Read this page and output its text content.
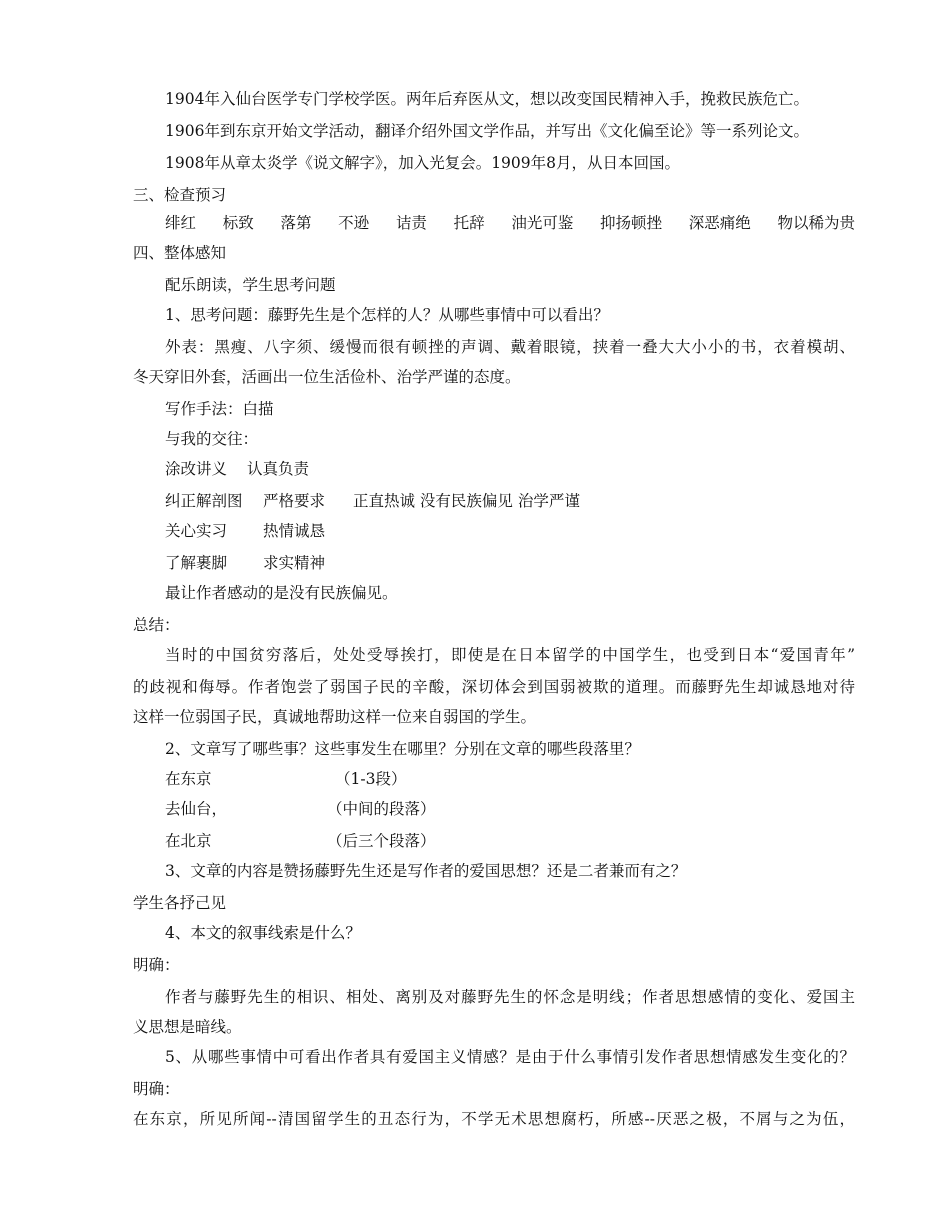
1904年入仙台医学专门学校学医。两年后弃医从文，想以改变国民精神入手，挽救民族危亡。
1906年到东京开始文学活动，翻译介绍外国文学作品，并写出《文化偏至论》等一系列论文。
1908年从章太炎学《说文解字》，加入光复会。1909年8月，从日本回国。
三、检查预习
绯红 标致 落第 不逊 诘责 托辞 油光可鉴 抑扬顿挫 深恶痛绝 物以稀为贵
四、整体感知
配乐朗读，学生思考问题
1、思考问题：藤野先生是个怎样的人？从哪些事情中可以看出？
外表：黑瘦、八字须、缓慢而很有顿挫的声调、戴着眼镜，挟着一叠大大小小的书，衣着模胡、
冬天穿旧外套，活画出一位生活俭朴、治学严谨的态度。
写作手法：白描
与我的交往：
涂改讲义 认真负责
纠正解剖图 严格要求 正直热诚 没有民族偏见 治学严谨
关心实习 热情诚恳
了解裹脚 求实精神
最让作者感动的是没有民族偏见。
总结：
当时的中国贫穷落后，处处受辱挨打，即使是在日本留学的中国学生，也受到日本“爱国青年”
的歧视和侮辱。作者饱尝了弱国子民的辛酸，深切体会到国弱被欺的道理。而藤野先生却诚恳地对待
这样一位弱国子民，真诚地帮助这样一位来自弱国的学生。
2、文章写了哪些事？这些事发生在哪里？分别在文章的哪些段落里？
在东京	（1-3段）
去仙台，	（中间的段落）
在北京	（后三个段落）
3、文章的内容是赞扬藤野先生还是写作者的爱国思想？还是二者兼而有之？
学生各抒己见
4、本文的叙事线索是什么？
明确：
作者与藤野先生的相识、相处、离别及对藤野先生的怀念是明线；作者思想感情的变化、爱国主
义思想是暗线。
5、从哪些事情中可看出作者具有爱国主义情感？是由于什么事情引发作者思想情感发生变化的？
明确：
在东京，所见所闻--清国留学生的丑态行为，不学无术思想腐朽，所感--厌恶之极，不屑与之为伍，
